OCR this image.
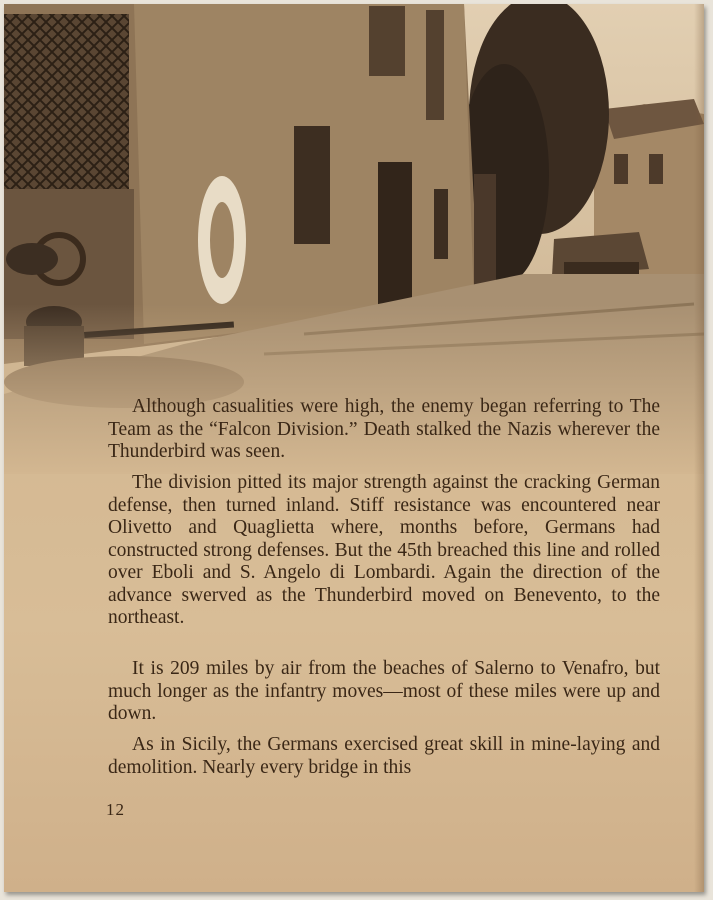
Although casualities were high, the enemy began referring to The Team as the “Falcon Division.” Death stalked the Nazis wherever the Thunderbird was seen.

The division pitted its major strength against the cracking German defense, then turned inland. Stiff resistance was encountered near Olivetto and Quaglietta where, months before, Germans had constructed strong defenses. But the 45th breached this line and rolled over Eboli and S. Angelo di Lombardi. Again the direction of the advance swerved as the Thunderbird moved on Benevento, to the northeast.

It is 209 miles by air from the beaches of Salerno to Venafro, but much longer as the infantry moves—most of these miles were up and down.

As in Sicily, the Germans exercised great skill in mine-laying and demolition. Nearly every bridge in this

12
